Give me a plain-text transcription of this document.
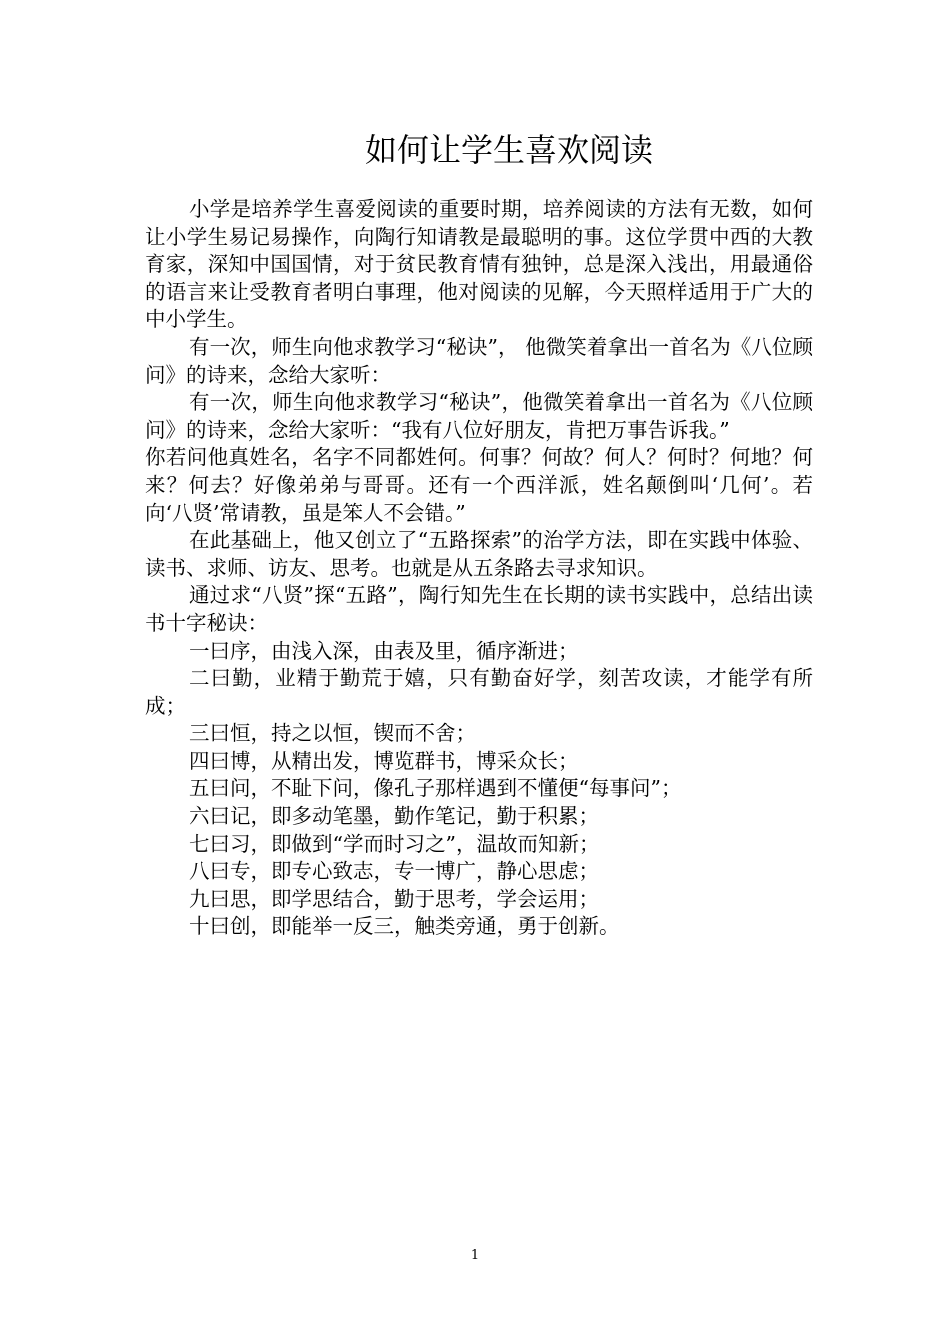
如何让学生喜欢阅读

小学是培养学生喜爱阅读的重要时期，培养阅读的方法有无数，如何让小学生易记易操作，向陶行知请教是最聪明的事。这位学贯中西的大教育家，深知中国国情，对于贫民教育情有独钟，总是深入浅出，用最通俗的语言来让受教育者明白事理，他对阅读的见解，今天照样适用于广大的中小学生。

有一次，师生向他求教学习“秘诀”， 他微笑着拿出一首名为《八位顾问》的诗来，念给大家听：

有一次，师生向他求教学习“秘诀”，他微笑着拿出一首名为《八位顾问》的诗来，念给大家听：“我有八位好朋友，肯把万事告诉我。”

你若问他真姓名，名字不同都姓何。何事？何故？何人？何时？何地？何来？何去？好像弟弟与哥哥。还有一个西洋派，姓名颠倒叫‘几何’。若向‘八贤’常请教，虽是笨人不会错。”

在此基础上，他又创立了“五路探索”的治学方法，即在实践中体验、读书、求师、访友、思考。也就是从五条路去寻求知识。

通过求“八贤”探“五路”，陶行知先生在长期的读书实践中，总结出读书十字秘诀：

一曰序，由浅入深，由表及里，循序渐进；

二曰勤，业精于勤荒于嬉，只有勤奋好学，刻苦攻读，才能学有所成；

三曰恒，持之以恒，锲而不舍；

四曰博，从精出发，博览群书，博采众长；

五曰问，不耻下问，像孔子那样遇到不懂便“每事问”；

六曰记，即多动笔墨，勤作笔记，勤于积累；

七曰习，即做到“学而时习之”，温故而知新；

八曰专，即专心致志，专一博广，静心思虑；

九曰思，即学思结合，勤于思考，学会运用；

十曰创，即能举一反三，触类旁通，勇于创新。

1
